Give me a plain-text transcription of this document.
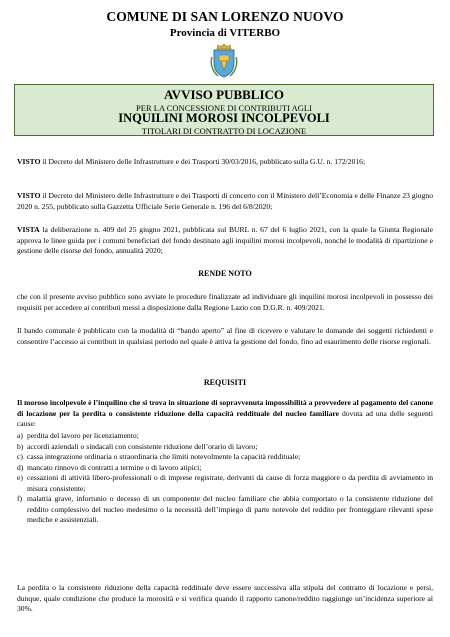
COMUNE DI SAN LORENZO NUOVO
Provincia di VITERBO
AVVISO PUBBLICO
PER LA CONCESSIONE DI CONTRIBUTI AGLI
INQUILINI MOROSI INCOLPEVOLI
TITOLARI DI CONTRATTO DI LOCAZIONE
VISTO il Decreto del Ministero delle Infrastrutture e dei Trasporti 30/03/2016, pubblicato sulla G.U. n. 172/2016;
VISTO il Decreto del Ministero delle Infrastrutture e dei Trasporti di concerto con il Ministero dell’Economia e delle Finanze 23 giugno 2020 n. 255, pubblicato sulla Gazzetta Ufficiale Serie Generale n. 196 del 6/8/2020;
VISTA la deliberazione n. 409 del 25 giugno 2021, pubblicata sul BURL n. 67 del 6 luglio 2021, con la quale la Giunta Regionale approva le linee guida per i comuni beneficiari del fondo destinato agli inquilini morosi incolpevoli, nonché le modalità di ripartizione e gestione delle risorse del fondo, annualità 2020;
RENDE NOTO
che con il presente avviso pubblico sono avviate le procedure finalizzate ad individuare gli inquilini morosi incolpevoli in possesso dei requisiti per accedere ai contributi messi a disposizione dalla Regione Lazio con D.G.R. n. 409/2021.
Il bando comunale è pubblicato con la modalità di “bando aperto” al fine di ricevere e valutare le domande dei soggetti richiedenti e consentire l’accesso ai contributi in qualsiasi periodo nel quale è attiva la gestione del fondo, fino ad esaurimento delle risorse regionali.
REQUISITI
Il moroso incolpevole è l’inquilino che si trova in situazione di sopravvenuta impossibilità a provvedere al pagamento del canone di locazione per la perdita o consistente riduzione della capacità reddituale del nucleo familiare dovuta ad una delle seguenti cause:
a) perdita del lavoro per licenziamento;
b) accordi aziendali o sindacali con consistente riduzione dell’orario di lavoro;
c) cassa integrazione ordinaria o straordinaria che limiti notevolmente la capacità reddituale;
d) mancato rinnovo di contratti a termine o di lavoro atipici;
e) cessazioni di attività libero-professionali o di imprese registrate, derivanti da cause di forza maggiore o da perdita di avviamento in misura consistente;
f) malattia grave, infortunio o decesso di un componente del nucleo familiare che abbia comportato o la consistente riduzione del reddito complessivo del nucleo medesimo o la necessità dell’impiego di parte notevole del reddito per fronteggiare rilevanti spese mediche e assistenziali.
La perdita o la consistente riduzione della capacità reddituale deve essere successiva alla stipula del contratto di locazione e persi, dunque, quale condizione che produce la morosità e si verifica quando il rapporto canone/reddito raggiunge un’incidenza superiore al 30%.
